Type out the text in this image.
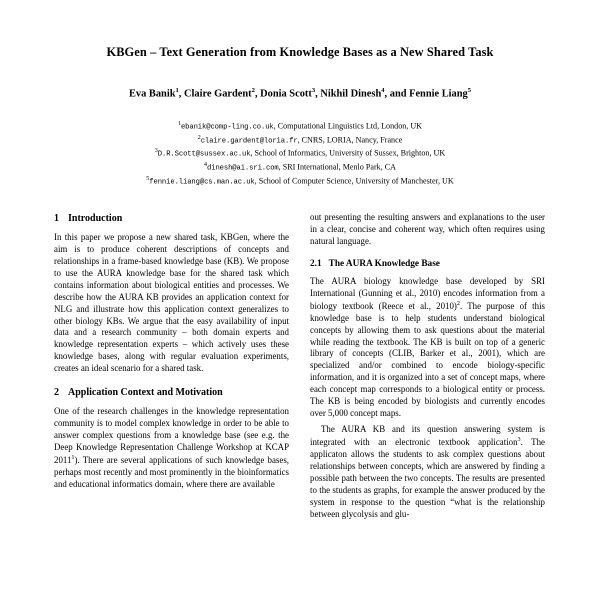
KBGen – Text Generation from Knowledge Bases as a New Shared Task
Eva Banik$^1$, Claire Gardent$^2$, Donia Scott$^3$, Nikhil Dinesh$^4$, and Fennie Liang$^5$
$^1$ebanik@comp-ling.co.uk, Computational Linguistics Ltd, London, UK
$^2$claire.gardent@loria.fr, CNRS, LORIA, Nancy, France
$^3$D.R.Scott@sussex.ac.uk, School of Informatics, University of Sussex, Brighton, UK
$^4$dinesh@ai.sri.com, SRI International, Menlo Park, CA
$^5$fennie.liang@cs.man.ac.uk, School of Computer Science, University of Manchester, UK
1 Introduction

In this paper we propose a new shared task, KBGen, where the aim is to produce coherent descriptions of concepts and relationships in a frame-based knowledge base (KB). We propose to use the AURA knowledge base for the shared task which contains information about biological entities and processes. We describe how the AURA KB provides an application context for NLG and illustrate how this application context generalizes to other biology KBs. We argue that the easy availability of input data and a research community – both domain experts and knowledge representation experts – which actively uses these knowledge bases, along with regular evaluation experiments, creates an ideal scenario for a shared task.

2 Application Context and Motivation

One of the research challenges in the knowledge representation community is to model complex knowledge in order to be able to answer complex questions from a knowledge base (see e.g. the Deep Knowledge Representation Challenge Workshop at KCAP 2011$^1$). There are several applications of such knowledge bases, perhaps most recently and most prominently in the bioinformatics and educational informatics domain, where there are available

out presenting the resulting answers and explanations to the user in a clear, concise and coherent way, which often requires using natural language.

2.1 The AURA Knowledge Base

The AURA biology knowledge base developed by SRI International (Gunning et al., 2010) encodes information from a biology textbook (Reece et al., 2010)$^2$. The purpose of this knowledge base is to help students understand biological concepts by allowing them to ask questions about the material while reading the textbook. The KB is built on top of a generic library of concepts (CLIB, Barker et al., 2001), which are specialized and/or combined to encode biology-specific information, and it is organized into a set of concept maps, where each concept map corresponds to a biological entity or process. The KB is being encoded by biologists and currently encodes over 5,000 concept maps.

The AURA KB and its question answering system is integrated with an electronic textbook application$^3$. The applicaton allows the students to ask complex questions about relationships between concepts, which are answered by finding a possible path between the two concepts. The results are presented to the students as graphs, for example the answer produced by the system in response to the question “what is the relationship between glycolysis and glu-
